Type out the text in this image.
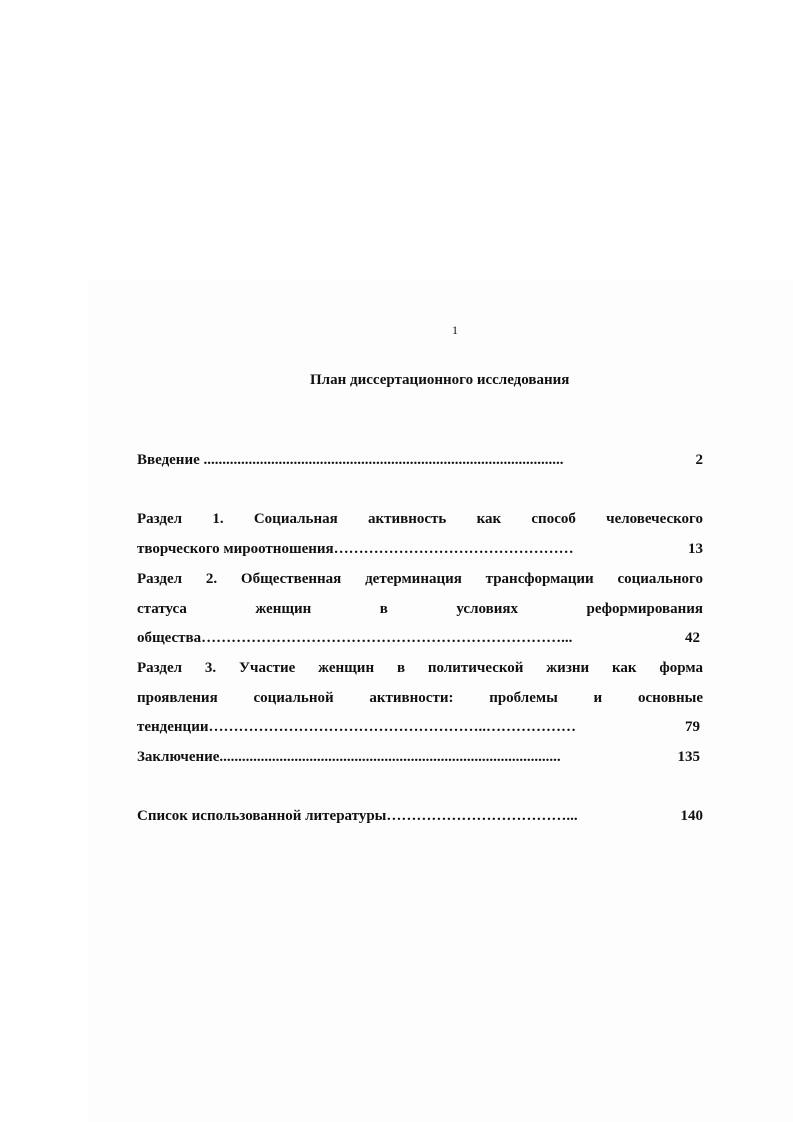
1
План диссертационного исследования
Введение ................................................................................................	2
Раздел 1. Социальная активность как способ человеческого
творческого мироотношения…………………………………………	13
Раздел 2. Общественная детерминация трансформации социального
статуса женщин в условиях реформирования
общества………………………………………………………………...	42
Раздел 3. Участие женщин в политической жизни как форма
проявления социальной активности: проблемы и основные
тенденции………………………………………………..………………	79
Заключение...........................................................................................	135
Список использованной литературы………………………………...	140
